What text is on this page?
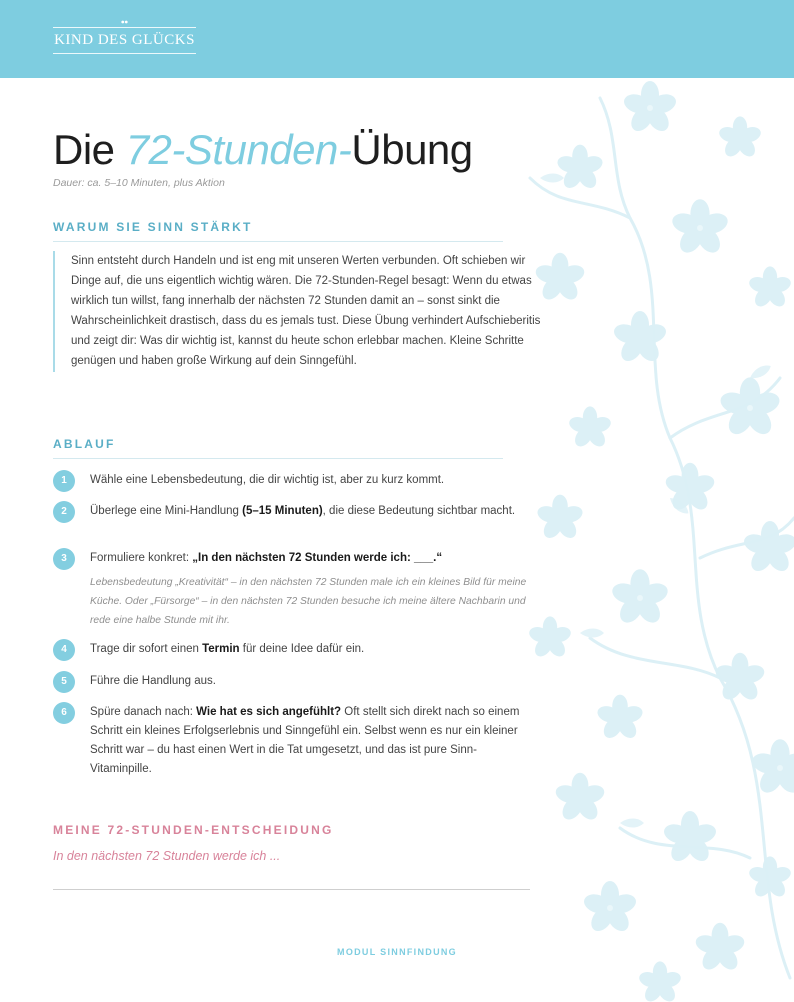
KIND DES GLÜCKS
Die 72-Stunden-Übung
Dauer: ca. 5–10 Minuten, plus Aktion
WARUM SIE SINN STÄRKT
Sinn entsteht durch Handeln und ist eng mit unseren Werten verbunden. Oft schieben wir Dinge auf, die uns eigentlich wichtig wären. Die 72-Stunden-Regel besagt: Wenn du etwas wirklich tun willst, fang innerhalb der nächsten 72 Stunden damit an – sonst sinkt die Wahrscheinlichkeit drastisch, dass du es jemals tust. Diese Übung verhindert Aufschieberitis und zeigt dir: Was dir wichtig ist, kannst du heute schon erlebbar machen. Kleine Schritte genügen und haben große Wirkung auf dein Sinngefühl.
ABLAUF
1	Wähle eine Lebensbedeutung, die dir wichtig ist, aber zu kurz kommt.
2	Überlege eine Mini-Handlung (5–15 Minuten), die diese Bedeutung sichtbar macht.
3	Formuliere konkret: „In den nächsten 72 Stunden werde ich: ___.“
Lebensbedeutung „Kreativität“ – in den nächsten 72 Stunden male ich ein kleines Bild für meine Küche. Oder „Fürsorge“ – in den nächsten 72 Stunden besuche ich meine ältere Nachbarin und rede eine halbe Stunde mit ihr.
4	Trage dir sofort einen Termin für deine Idee dafür ein.
5	Führe die Handlung aus.
6	Spüre danach nach: Wie hat es sich angefühlt? Oft stellt sich direkt nach so einem Schritt ein kleines Erfolgserlebnis und Sinngefühl ein. Selbst wenn es nur ein kleiner Schritt war – du hast einen Wert in die Tat umgesetzt, und das ist pure Sinn-Vitaminpille.
MEINE 72-STUNDEN-ENTSCHEIDUNG
In den nächsten 72 Stunden werde ich ...
MODUL SINNFINDUNG
